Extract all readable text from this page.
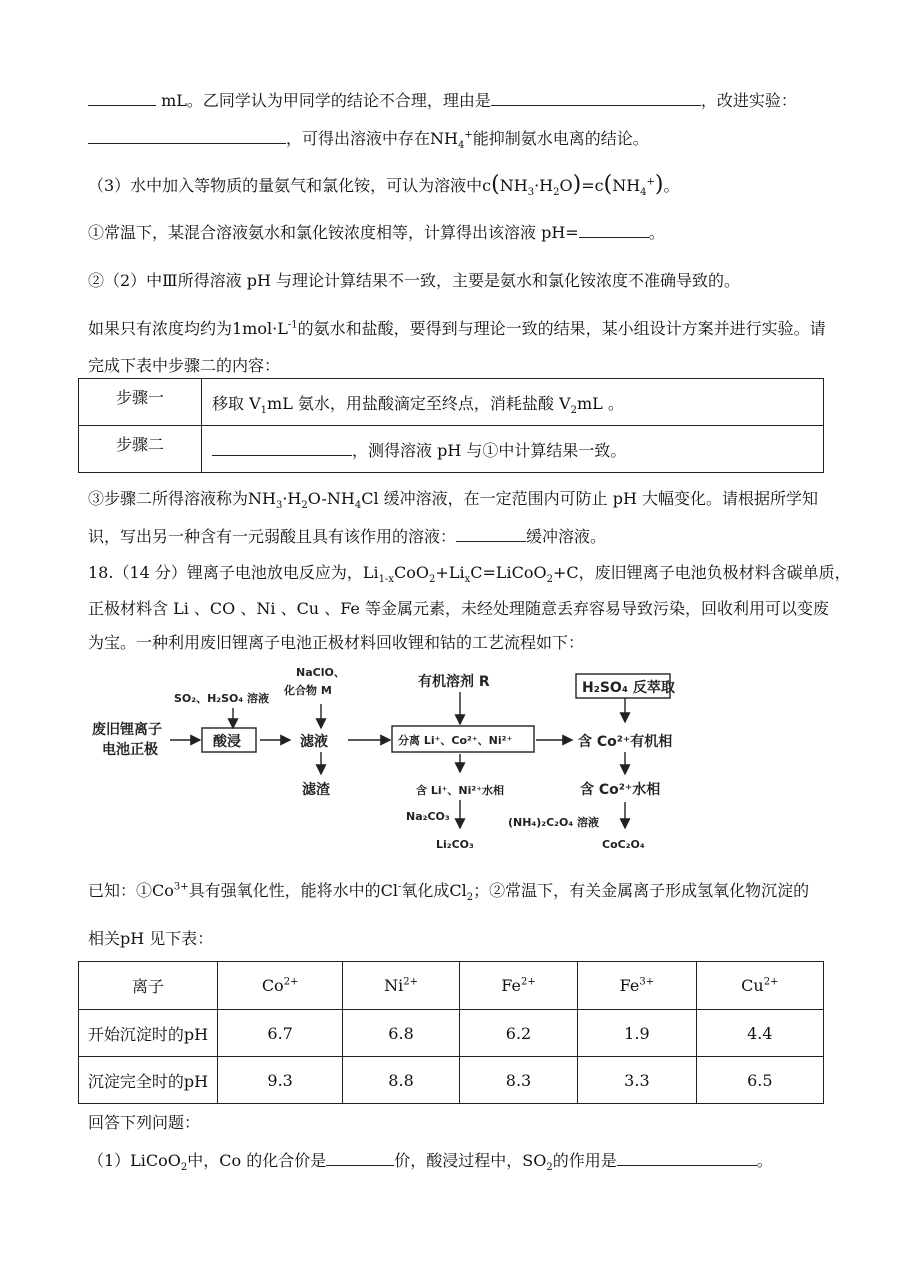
mL。乙同学认为甲同学的结论不合理，理由是	，改进实验：
，可得出溶液中存在$NH_4^+$能抑制氨水电离的结论。
（3）水中加入等物质的量氨气和氯化铵，可认为溶液中$c(NH_3\cdot H_2O)=c(NH_4^+)$。
①常温下，某混合溶液氨水和氯化铵浓度相等，计算得出该溶液 pH=	。
②（2）中Ⅲ所得溶液 pH 与理论计算结果不一致，主要是氨水和氯化铵浓度不准确导致的。
如果只有浓度均约为$1mol\cdot L^{-1}$的氨水和盐酸，要得到与理论一致的结果，某小组设计方案并进行实验。请
完成下表中步骤二的内容：
步骤一	移取 $V_1mL$ 氨水，用盐酸滴定至终点，消耗盐酸 $V_2mL$ 。
步骤二	，测得溶液 pH 与①中计算结果一致。
③步骤二所得溶液称为$NH_3\cdot H_2O-NH_4Cl$ 缓冲溶液，在一定范围内可防止 pH 大幅变化。请根据所学知
识，写出另一种含有一元弱酸且具有该作用的溶液：	缓冲溶液。
18.（14 分）锂离子电池放电反应为，$Li_{1-x}CoO_2+Li_xC=LiCoO_2+C$，废旧锂离子电池负极材料含碳单质，
正极材料含 Li 、CO 、Ni 、Cu 、Fe 等金属元素，未经处理随意丢弃容易导致污染，回收利用可以变废
为宝。一种利用废旧锂离子电池正极材料回收锂和钴的工艺流程如下：
SO₂、H₂SO₄ 溶液
NaClO、
化合物 M
有机溶剂 R	H₂SO₄ 反萃取
废旧锂离子
电池正极	酸浸	滤液	分离 Li⁺、Co²⁺、Ni²⁺	含 Co²⁺有机相
滤渣	含 Li⁺、Ni²⁺水相	含 Co²⁺水相
Na₂CO₃
Li₂CO₃
(NH₄)₂C₂O₄ 溶液
CoC₂O₄
已知：$①Co^{3+}$具有强氧化性，能将水中的Cl-氧化成$Cl_2$；②常温下，有关金属离子形成氢氧化物沉淀的
相关pH 见下表：
离子	$Co^{2+}$	$Ni^{2+}$	$Fe^{2+}$	$Fe^{3+}$	$Cu^{2+}$
开始沉淀时的pH	6.7	6.8	6.2	1.9	4.4
沉淀完全时的pH	9.3	8.8	8.3	3.3	6.5
回答下列问题：
（1）LiCoO$_2$中，Co 的化合价是	价，酸浸过程中，$SO_2$的作用是	。
